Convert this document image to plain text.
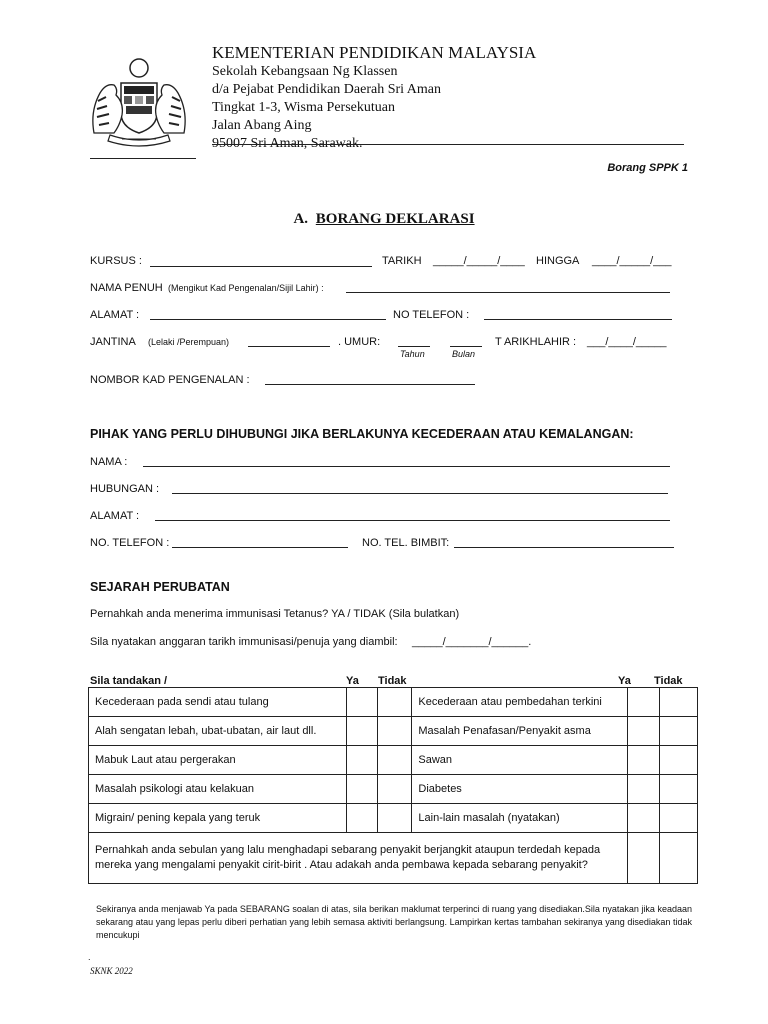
KEMENTERIAN PENDIDIKAN MALAYSIA
Sekolah Kebangsaan Ng Klassen
d/a Pejabat Pendidikan Daerah Sri Aman
Tingkat 1-3, Wisma Persekutuan
Jalan Abang Aing
95007 Sri Aman, Sarawak.
Borang SPPK 1
A. BORANG DEKLARASI
KURSUS :	TARIKH _____/_____/____ HINGGA ____/_____/___
NAMA PENUH (Mengikut Kad Pengenalan/Sijil Lahir) :
ALAMAT :	NO TELEFON :
JANTINA (Lelaki /Perempuan)	. UMUR:
Tahun	Bulan
T ARIKHLAHIR : ___/____/_____
NOMBOR KAD PENGENALAN :
PIHAK YANG PERLU DIHUBUNGI JIKA BERLAKUNYA KECEDERAAN ATAU KEMALANGAN:
NAMA :
HUBUNGAN :
ALAMAT :
NO. TELEFON :	NO. TEL. BIMBIT:
SEJARAH PERUBATAN
Pernahkah anda menerima immunisasi Tetanus? YA / TIDAK (Sila bulatkan)
Sila nyatakan anggaran tarikh immunisasi/penuja yang diambil: _____/_______/______.
Sila tandakan /	Ya Tidak	Ya Tidak
Kecederaan pada sendi atau tulang			Kecederaan atau pembedahan terkini		
Alah sengatan lebah, ubat-ubatan, air laut dll.			Masalah Penafasan/Penyakit asma		
Mabuk Laut atau pergerakan			Sawan		
Masalah psikologi atau kelakuan			Diabetes		
Migrain/ pening kepala yang teruk			Lain-lain masalah (nyatakan)		
Pernahkah anda sebulan yang lalu menghadapi sebarang penyakit berjangkit ataupun terdedah kepada mereka yang mengalami penyakit cirit-birit . Atau adakah anda pembawa kepada sebarang penyakit?					
Sekiranya anda menjawab Ya pada SEBARANG soalan di atas, sila berikan maklumat terperinci di ruang yang disediakan.Sila nyatakan jika keadaan sekarang atau yang lepas perlu diberi perhatian yang lebih semasa aktiviti berlangsung. Lampirkan kertas tambahan sekiranya yang disediakan tidak mencukupi
.
SKNK 2022
